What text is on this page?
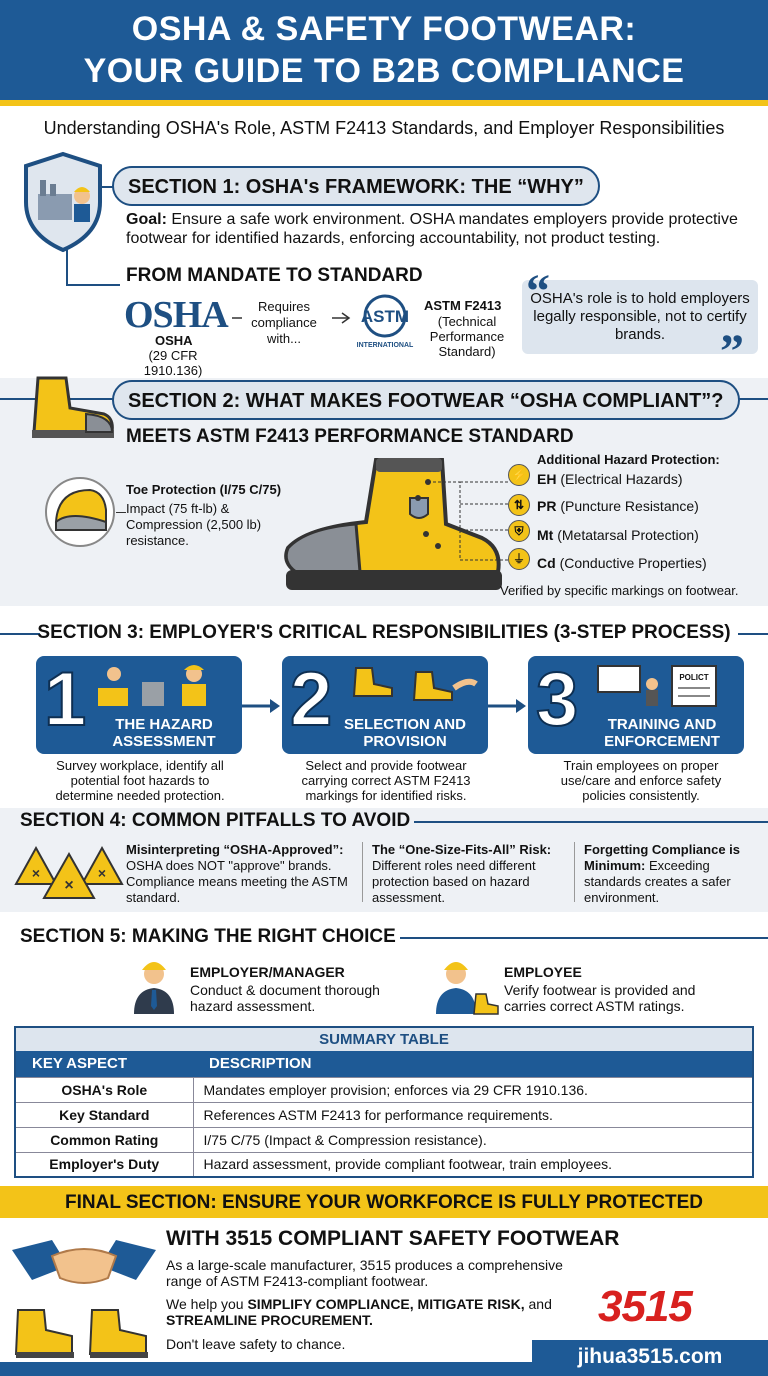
OSHA & SAFETY FOOTWEAR:
YOUR GUIDE TO B2B COMPLIANCE
Understanding OSHA's Role, ASTM F2413 Standards, and Employer Responsibilities
SECTION 1: OSHA's FRAMEWORK: THE “WHY”
Goal: Ensure a safe work environment. OSHA mandates employers provide protective footwear for identified hazards, enforcing accountability, not product testing.
FROM MANDATE TO STANDARD
OSHA
OSHA
(29 CFR 1910.136)
Requires compliance with...
ASTM
INTERNATIONAL
ASTM F2413
(Technical Performance Standard)
“
”
OSHA's role is to hold employers legally responsible, not to certify brands.
SECTION 2: WHAT MAKES FOOTWEAR “OSHA COMPLIANT”?
MEETS ASTM F2413 PERFORMANCE STANDARD
Toe Protection (I/75 C/75)
Impact (75 ft-lb) & Compression (2,500 lb) resistance.
Additional Hazard Protection:
⚡ EH (Electrical Hazards)
⇅ PR (Puncture Resistance)
⛨ Mt (Metatarsal Protection)
⏚ Cd (Conductive Properties)
Verified by specific markings on footwear.
SECTION 3: EMPLOYER'S CRITICAL RESPONSIBILITIES (3-STEP PROCESS)
1	THE HAZARD
ASSESSMENT
Survey workplace, identify all potential foot hazards to determine needed protection.
2 SELECTION AND
PROVISION
Select and provide footwear carrying correct ASTM F2413 markings for identified risks.
3	POLICT
TRAINING AND
ENFORCEMENT
Train employees on proper use/care and enforce safety policies consistently.
SECTION 4: COMMON PITFALLS TO AVOID
×	×
×
Misinterpreting “OSHA-Approved”:
OSHA does NOT "approve" brands. Compliance means meeting the ASTM standard.
The “One-Size-Fits-All” Risk:
Different roles need different protection based on hazard assessment.
Forgetting Compliance is Minimum: Exceeding standards creates a safer environment.
SECTION 5: MAKING THE RIGHT CHOICE
EMPLOYER/MANAGER
Conduct & document thorough hazard assessment.
EMPLOYEE
Verify footwear is provided and carries correct ASTM ratings.
SUMMARY TABLE	
KEY ASPECT	DESCRIPTION
OSHA's Role	Mandates employer provision; enforces via 29 CFR 1910.136.
Key Standard	References ASTM F2413 for performance requirements.
Common Rating	I/75 C/75 (Impact & Compression resistance).
Employer's Duty	Hazard assessment, provide compliant footwear, train employees.
FINAL SECTION: ENSURE YOUR WORKFORCE IS FULLY PROTECTED
WITH 3515 COMPLIANT SAFETY FOOTWEAR
As a large-scale manufacturer, 3515 produces a comprehensive range of ASTM F2413-compliant footwear.
We help you SIMPLIFY COMPLIANCE, MITIGATE RISK, and STREAMLINE PROCUREMENT.
Don't leave safety to chance.
3515
jihua3515.com
